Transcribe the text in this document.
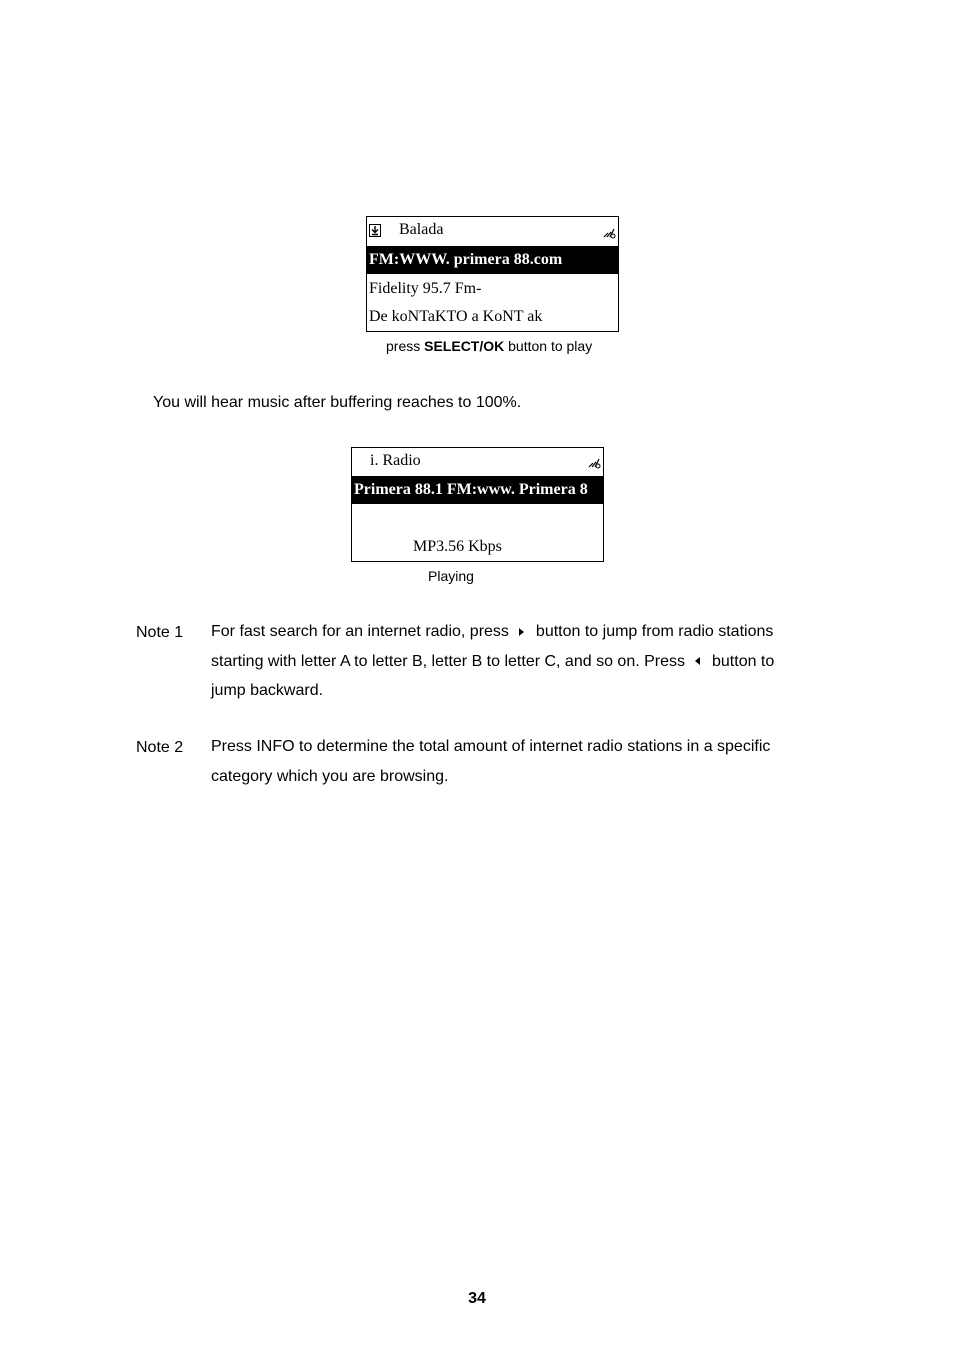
Balada
FM:WWW. primera 88.com
Fidelity 95.7 Fm-
De koNTaKTO a KoNT ak
press SELECT/OK button to play
You will hear music after buffering reaches to 100%.
i. Radio
Primera 88.1 FM:www. Primera 8
MP3.56 Kbps
Playing
Note 1 For fast search for an internet radio, press button to jump from radio stations starting with letter A to letter B, letter B to letter C, and so on. Press button to jump backward.
Note 2 Press INFO to determine the total amount of internet radio stations in a specific category which you are browsing.
34
